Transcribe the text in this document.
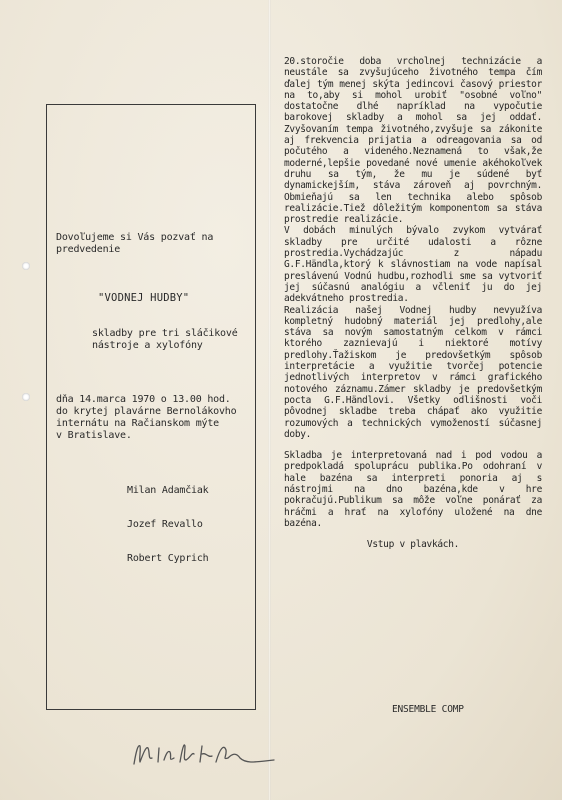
Dovoľujeme si Vás pozvať na
predvedenie
"VODNEJ HUDBY"
skladby pre tri sláčikové
nástroje a xylofóny
dňa 14.marca 1970 o 13.00 hod.
do krytej plavárne Bernolákovho
internátu na Račianskom mýte
v Bratislave.

Milan Adamčiak

Jozef Revallo

Robert Cyprich

20.storočie doba vrcholnej technizácie a neustále sa zvyšujúceho životného tempa čím ďalej tým menej skýta jedincovi časový priestor na to,aby si mohol urobiť "osobné voľno" dostatočne dlhé napríklad na vypočutie barokovej skladby a mohol sa jej oddať. Zvyšovaním tempa životného,zvyšuje sa zákonite aj frekvencia prijatia a odreagovania sa od počutého a videného.Neznamená to však,že moderné,lepšie povedané nové umenie akéhokoľvek druhu sa tým, že mu je súdené byť dynamickejším, stáva zároveň aj povrchným. Obmieňajú sa len technika alebo spôsob realizácie.Tiež dôležitým komponentom sa stáva prostredie realizácie.

V dobách minulých bývalo zvykom vytvárať skladby pre určité udalosti a rôzne prostredia.Vychádzajúc z nápadu G.F.Händla,ktorý k slávnostiam na vode napísal preslávenú Vodnú hudbu,rozhodli sme sa vytvoriť jej súčasnú analógiu a včleniť ju do jej adekvátneho prostredia.

Realizácia našej Vodnej hudby nevyužíva kompletný hudobný materiál jej predlohy,ale stáva sa novým samostatným celkom v rámci ktorého zaznievajú i niektoré motívy predlohy.Ťažiskom je predovšetkým spôsob interpretácie a využitie tvorčej potencie jednotlivých interpretov v rámci grafického notového záznamu.Zámer skladby je predovšetkým pocta G.F.Händlovi. Všetky odlišnosti voči pôvodnej skladbe treba chápať ako využitie rozumových a technických vymožeností súčasnej doby.

Skladba je interpretovaná nad i pod vodou a predpokladá spoluprácu publika.Po odohraní v hale bazéna sa interpreti ponoria aj s nástrojmi na dno bazéna,kde v hre pokračujú.Publikum sa môže voľne ponárať za hráčmi a hrať na xylofóny uložené na dne bazéna.

Vstup v plavkách.

ENSEMBLE COMP
